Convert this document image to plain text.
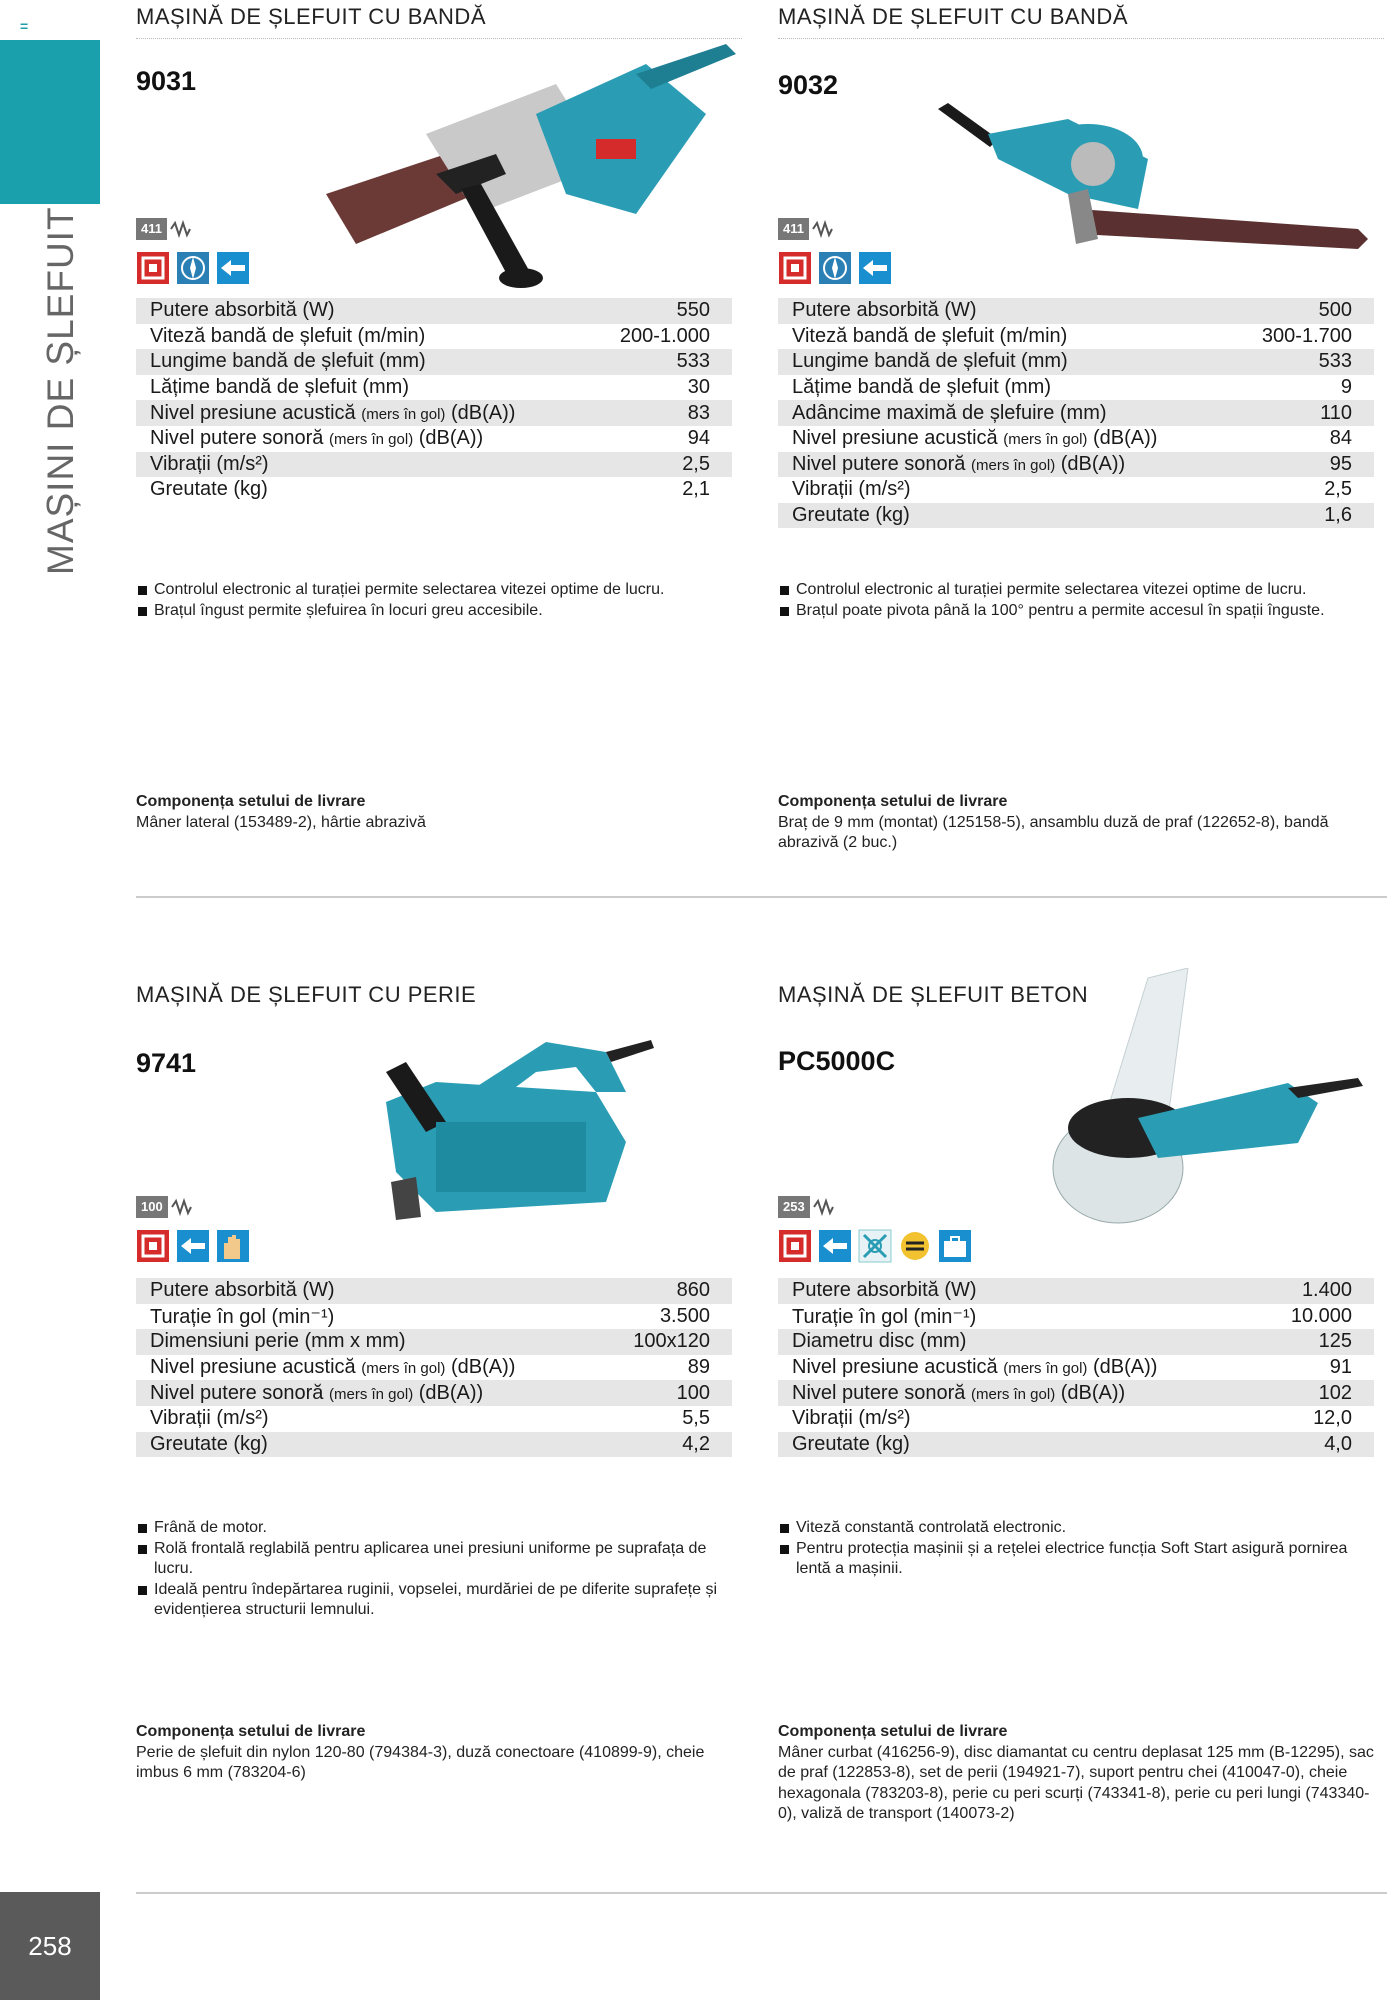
=
MAȘINI DE ȘLEFUIT
258
MAȘINĂ DE ȘLEFUIT CU BANDĂ
9031
411
Putere absorbită (W)	550
Viteză bandă de șlefuit (m/min)	200-1.000
Lungime bandă de șlefuit (mm)	533
Lățime bandă de șlefuit (mm)	30
Nivel presiune acustică (mers în gol) (dB(A))	83
Nivel putere sonoră (mers în gol) (dB(A))	94
Vibrații (m/s²)	2,5
Greutate (kg)	2,1
Controlul electronic al turației permite selectarea vitezei optime de lucru.
Brațul îngust permite șlefuirea în locuri greu accesibile.
Componența setului de livrare
Mâner lateral (153489-2), hârtie abrazivă
MAȘINĂ DE ȘLEFUIT CU BANDĂ
9032
411
Putere absorbită (W)	500
Viteză bandă de șlefuit (m/min)	300-1.700
Lungime bandă de șlefuit (mm)	533
Lățime bandă de șlefuit (mm)	9
Adâncime maximă de șlefuire (mm)	110
Nivel presiune acustică (mers în gol) (dB(A))	84
Nivel putere sonoră (mers în gol) (dB(A))	95
Vibrații (m/s²)	2,5
Greutate (kg)	1,6
Controlul electronic al turației permite selectarea vitezei optime de lucru.
Brațul poate pivota până la 100° pentru a permite accesul în spații înguste.
Componența setului de livrare
Braț de 9 mm (montat) (125158-5), ansamblu duză de praf (122652-8), bandă abrazivă (2 buc.)
MAȘINĂ DE ȘLEFUIT CU PERIE
9741
100
Putere absorbită (W)	860
Turație în gol (min⁻¹)	3.500
Dimensiuni perie (mm x mm)	100x120
Nivel presiune acustică (mers în gol) (dB(A))	89
Nivel putere sonoră (mers în gol) (dB(A))	100
Vibrații (m/s²)	5,5
Greutate (kg)	4,2
Frână de motor.
Rolă frontală reglabilă pentru aplicarea unei presiuni uniforme pe suprafața de lucru.
Ideală pentru îndepărtarea ruginii, vopselei, murdăriei de pe diferite suprafețe și evidențierea structurii lemnului.
Componența setului de livrare
Perie de șlefuit din nylon 120-80 (794384-3), duză conectoare (410899-9), cheie imbus 6 mm (783204-6)
MAȘINĂ DE ȘLEFUIT BETON
PC5000C
253
Putere absorbită (W)	1.400
Turație în gol (min⁻¹)	10.000
Diametru disc (mm)	125
Nivel presiune acustică (mers în gol) (dB(A))	91
Nivel putere sonoră (mers în gol) (dB(A))	102
Vibrații (m/s²)	12,0
Greutate (kg)	4,0
Viteză constantă controlată electronic.
Pentru protecția mașinii și a rețelei electrice funcția Soft Start asigură pornirea lentă a mașinii.
Componența setului de livrare
Mâner curbat (416256-9), disc diamantat cu centru deplasat 125 mm (B-12295), sac de praf (122853-8), set de perii (194921-7), suport pentru chei (410047-0), cheie hexagonala (783203-8), perie cu peri scurți (743341-8), perie cu peri lungi (743340-0), valiză de transport (140073-2)
